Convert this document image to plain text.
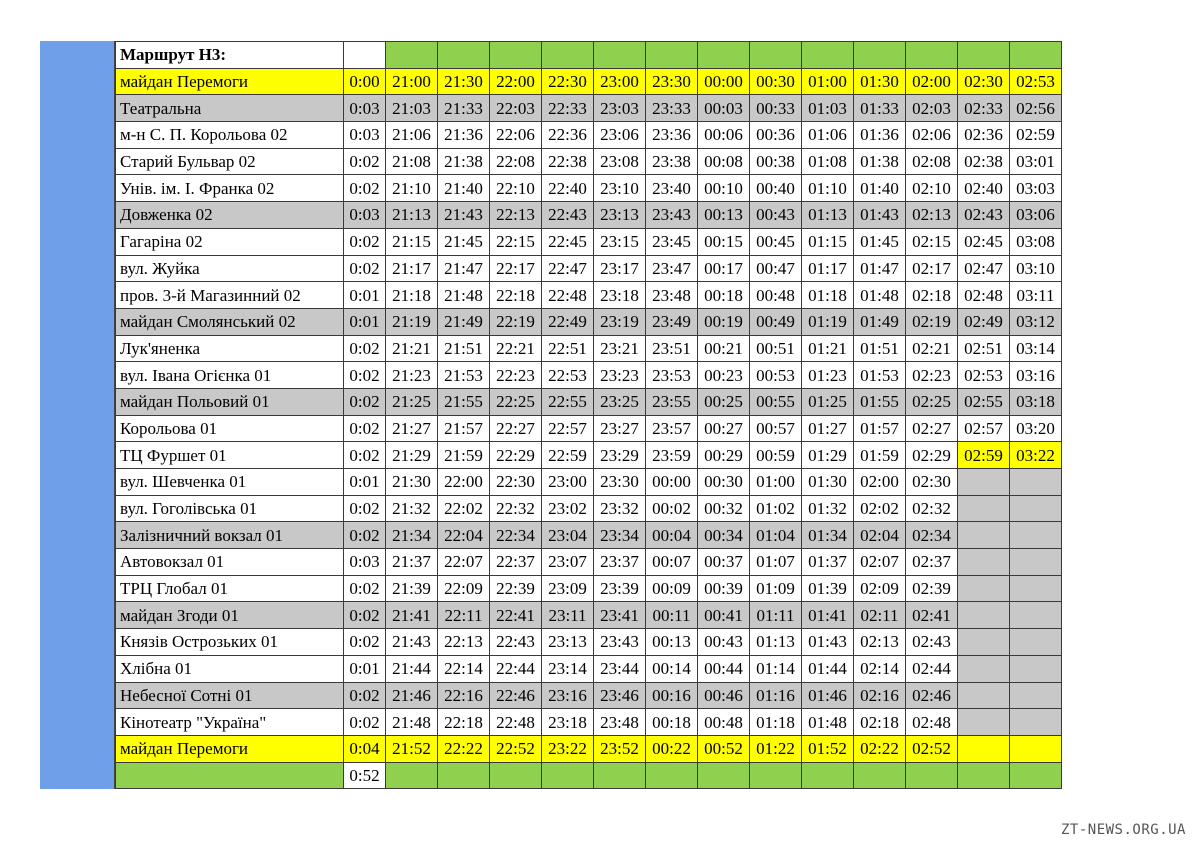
Маршрут Н3:														
майдан Перемоги	0:00	21:00	21:30	22:00	22:30	23:00	23:30	00:00	00:30	01:00	01:30	02:00	02:30	02:53
Театральна	0:03	21:03	21:33	22:03	22:33	23:03	23:33	00:03	00:33	01:03	01:33	02:03	02:33	02:56
м-н С. П. Корольова 02	0:03	21:06	21:36	22:06	22:36	23:06	23:36	00:06	00:36	01:06	01:36	02:06	02:36	02:59
Старий Бульвар 02	0:02	21:08	21:38	22:08	22:38	23:08	23:38	00:08	00:38	01:08	01:38	02:08	02:38	03:01
Унів. ім. І. Франка 02	0:02	21:10	21:40	22:10	22:40	23:10	23:40	00:10	00:40	01:10	01:40	02:10	02:40	03:03
Довженка 02	0:03	21:13	21:43	22:13	22:43	23:13	23:43	00:13	00:43	01:13	01:43	02:13	02:43	03:06
Гагаріна 02	0:02	21:15	21:45	22:15	22:45	23:15	23:45	00:15	00:45	01:15	01:45	02:15	02:45	03:08
вул. Жуйка	0:02	21:17	21:47	22:17	22:47	23:17	23:47	00:17	00:47	01:17	01:47	02:17	02:47	03:10
пров. 3-й Магазинний 02	0:01	21:18	21:48	22:18	22:48	23:18	23:48	00:18	00:48	01:18	01:48	02:18	02:48	03:11
майдан Смолянський 02	0:01	21:19	21:49	22:19	22:49	23:19	23:49	00:19	00:49	01:19	01:49	02:19	02:49	03:12
Лук'яненка	0:02	21:21	21:51	22:21	22:51	23:21	23:51	00:21	00:51	01:21	01:51	02:21	02:51	03:14
вул. Івана Огієнка 01	0:02	21:23	21:53	22:23	22:53	23:23	23:53	00:23	00:53	01:23	01:53	02:23	02:53	03:16
майдан Польовий 01	0:02	21:25	21:55	22:25	22:55	23:25	23:55	00:25	00:55	01:25	01:55	02:25	02:55	03:18
Корольова 01	0:02	21:27	21:57	22:27	22:57	23:27	23:57	00:27	00:57	01:27	01:57	02:27	02:57	03:20
ТЦ Фуршет 01	0:02	21:29	21:59	22:29	22:59	23:29	23:59	00:29	00:59	01:29	01:59	02:29	02:59	03:22
вул. Шевченка 01	0:01	21:30	22:00	22:30	23:00	23:30	00:00	00:30	01:00	01:30	02:00	02:30		
вул. Гоголівська 01	0:02	21:32	22:02	22:32	23:02	23:32	00:02	00:32	01:02	01:32	02:02	02:32		
Залізничний вокзал 01	0:02	21:34	22:04	22:34	23:04	23:34	00:04	00:34	01:04	01:34	02:04	02:34		
Автовокзал 01	0:03	21:37	22:07	22:37	23:07	23:37	00:07	00:37	01:07	01:37	02:07	02:37		
ТРЦ Глобал 01	0:02	21:39	22:09	22:39	23:09	23:39	00:09	00:39	01:09	01:39	02:09	02:39		
майдан Згоди 01	0:02	21:41	22:11	22:41	23:11	23:41	00:11	00:41	01:11	01:41	02:11	02:41		
Князів Острозьких 01	0:02	21:43	22:13	22:43	23:13	23:43	00:13	00:43	01:13	01:43	02:13	02:43		
Хлібна 01	0:01	21:44	22:14	22:44	23:14	23:44	00:14	00:44	01:14	01:44	02:14	02:44		
Небесної Сотні 01	0:02	21:46	22:16	22:46	23:16	23:46	00:16	00:46	01:16	01:46	02:16	02:46		
Кінотеатр "Україна"	0:02	21:48	22:18	22:48	23:18	23:48	00:18	00:48	01:18	01:48	02:18	02:48		
майдан Перемоги	0:04	21:52	22:22	22:52	23:22	23:52	00:22	00:52	01:22	01:52	02:22	02:52		
	0:52													
ZT-NEWS.ORG.UA
